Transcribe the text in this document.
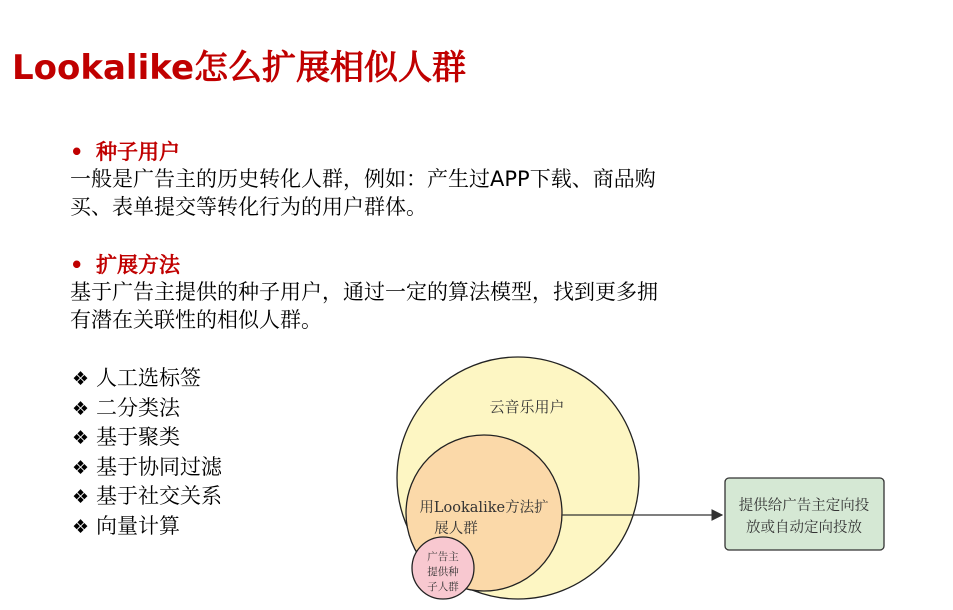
Lookalike怎么扩展相似人群
• 种子用户
一般是广告主的历史转化人群，例如：产生过APP下载、商品购
买、表单提交等转化行为的用户群体。
• 扩展方法
基于广告主提供的种子用户，通过一定的算法模型，找到更多拥
有潜在关联性的相似人群。
❖ 人工选标签
❖ 二分类法
❖ 基于聚类
❖ 基于协同过滤
❖ 基于社交关系
❖ 向量计算
云音乐用户
用Lookalike方法扩
展人群
广告主
提供种
子人群
提供给广告主定向投
放或自动定向投放
